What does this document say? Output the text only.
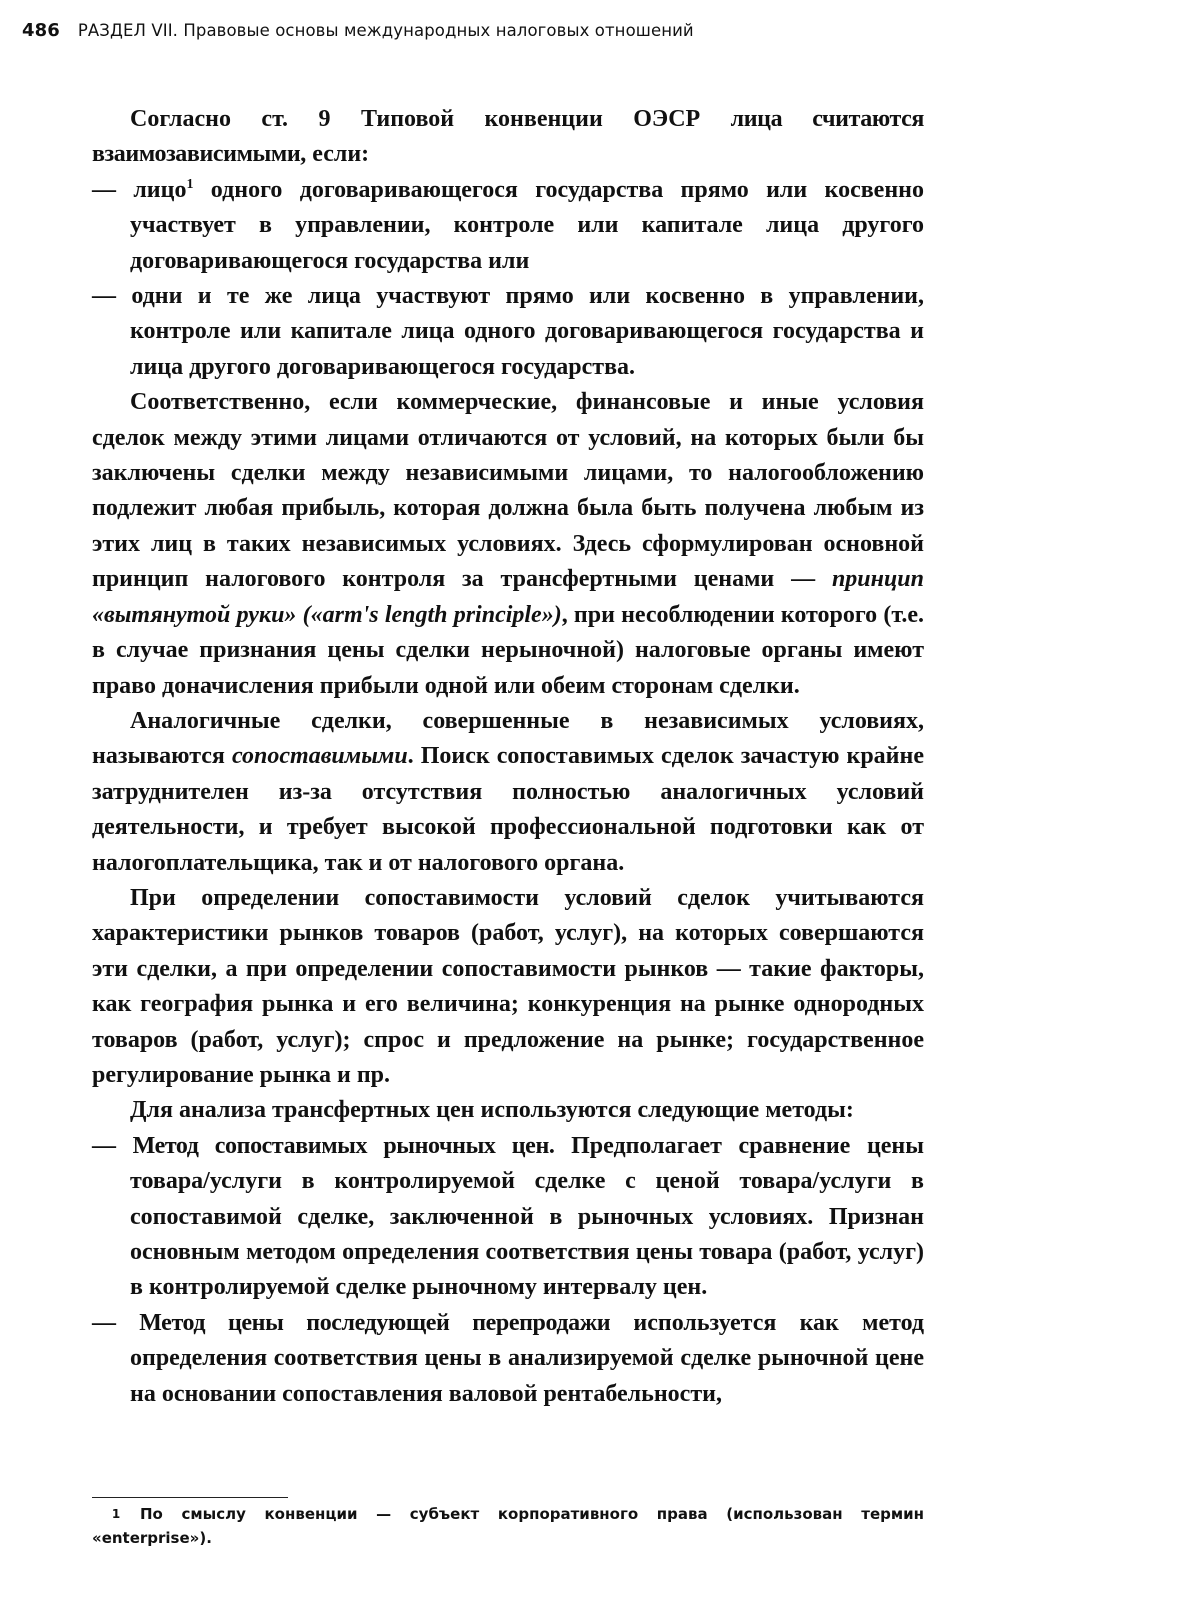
486 РАЗДЕЛ VII. Правовые основы международных налоговых отношений

Согласно ст. 9 Типовой конвенции ОЭСР лица считаются взаимозависимыми, если:

— лицо$^1$ одного договаривающегося государства прямо или косвенно участвует в управлении, контроле или капитале лица другого договаривающегося государства или

— одни и те же лица участвуют прямо или косвенно в управлении, контроле или капитале лица одного договаривающегося государства и лица другого договаривающегося государства.

Соответственно, если коммерческие, финансовые и иные условия сделок между этими лицами отличаются от условий, на которых были бы заключены сделки между независимыми лицами, то налогообложению подлежит любая прибыль, которая должна была быть получена любым из этих лиц в таких независимых условиях. Здесь сформулирован основной принцип налогового контроля за трансфертными ценами — принцип «вытянутой руки» («arm's length principle»), при несоблюдении которого (т.е. в случае признания цены сделки нерыночной) налоговые органы имеют право доначисления прибыли одной или обеим сторонам сделки.

Аналогичные сделки, совершенные в независимых условиях, называются сопоставимыми. Поиск сопоставимых сделок зачастую крайне затруднителен из-за отсутствия полностью аналогичных условий деятельности, и требует высокой профессиональной подготовки как от налогоплательщика, так и от налогового органа.

При определении сопоставимости условий сделок учитываются характеристики рынков товаров (работ, услуг), на которых совершаются эти сделки, а при определении сопоставимости рынков — такие факторы, как география рынка и его величина; конкуренция на рынке однородных товаров (работ, услуг); спрос и предложение на рынке; государственное регулирование рынка и пр.

Для анализа трансфертных цен используются следующие методы:

— Метод сопоставимых рыночных цен. Предполагает сравнение цены товара/услуги в контролируемой сделке с ценой товара/услуги в сопоставимой сделке, заключенной в рыночных условиях. Признан основным методом определения соответствия цены товара (работ, услуг) в контролируемой сделке рыночному интервалу цен.

— Метод цены последующей перепродажи используется как метод определения соответствия цены в анализируемой сделке рыночной цене на основании сопоставления валовой рентабельности,

1 По смыслу конвенции — субъект корпоративного права (использован термин «enterprise»).
